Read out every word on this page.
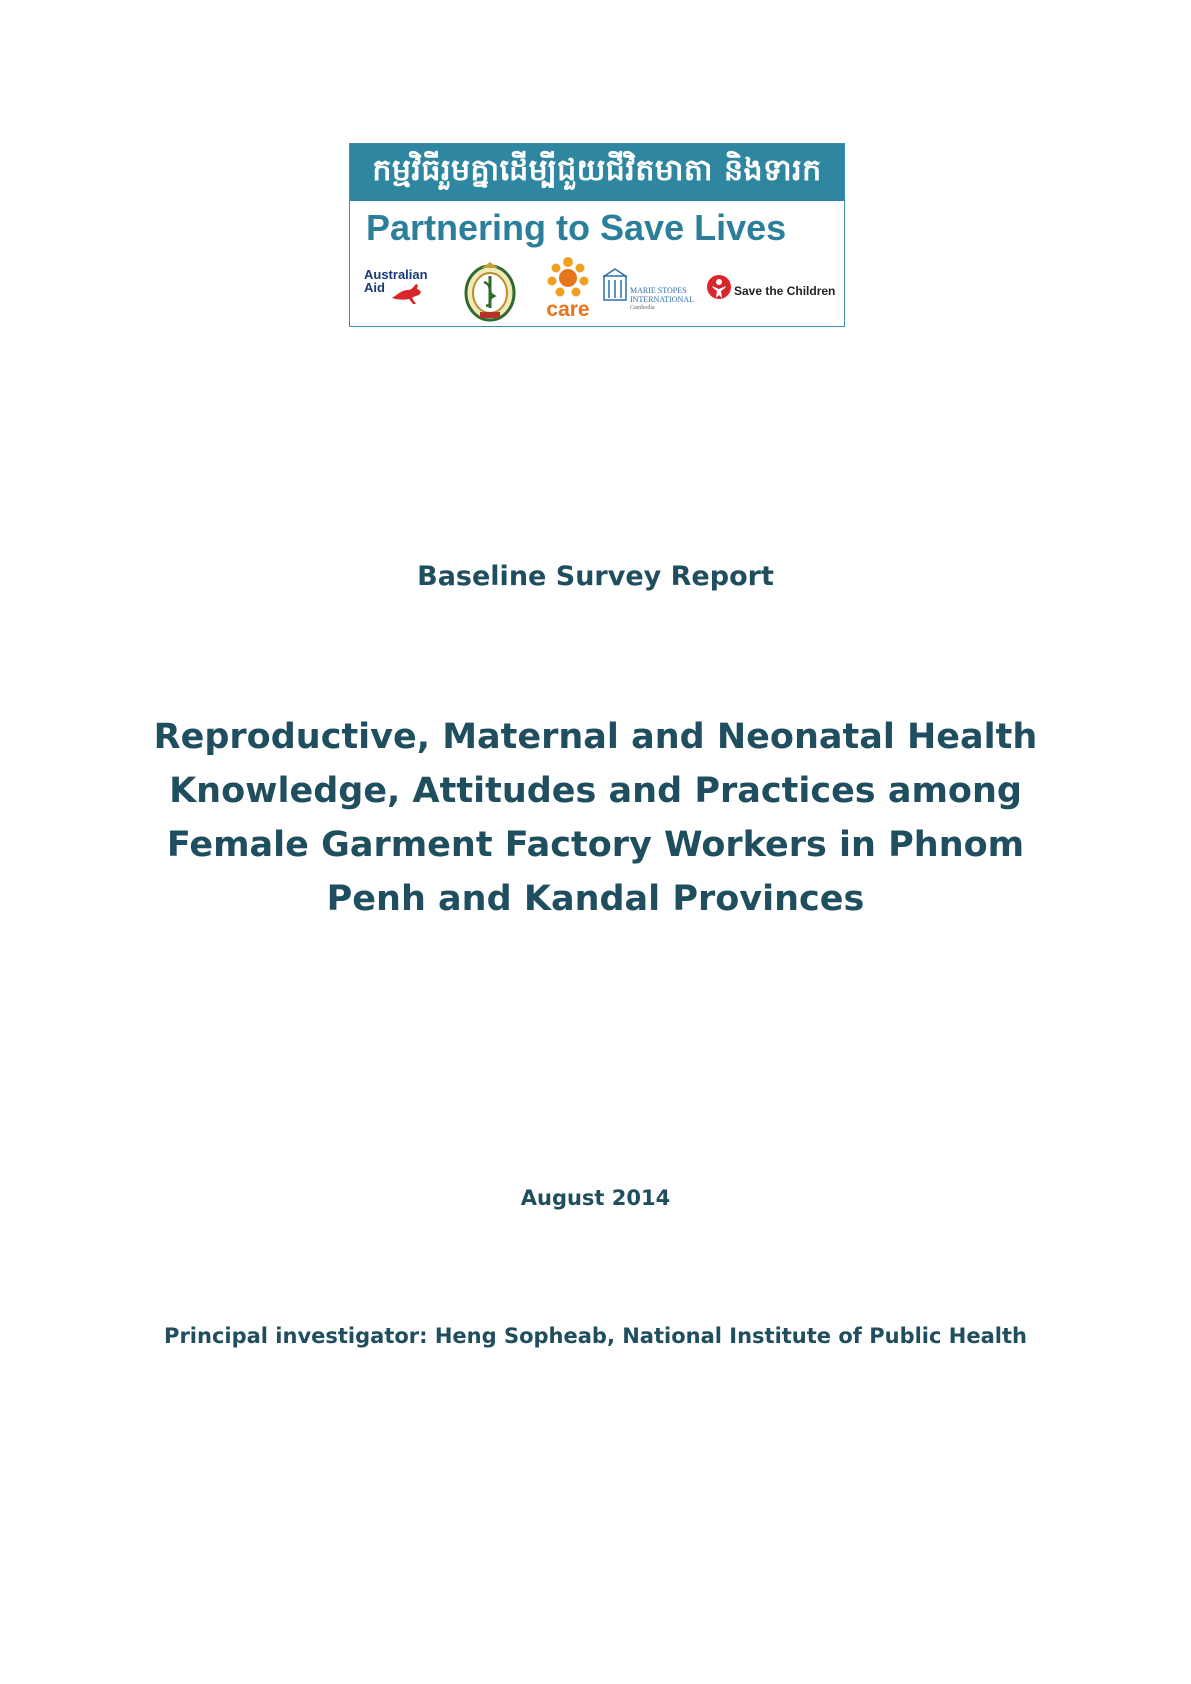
កម្មវិធីរួមគ្នាដើម្បីជួយជីវិតមាតា និងទារក
Partnering to Save Lives
Australian
Aid
care
MARIE STOPES
INTERNATIONAL
Cambodia
Save the Children
Baseline Survey Report
Reproductive, Maternal and Neonatal Health
Knowledge, Attitudes and Practices among
Female Garment Factory Workers in Phnom
Penh and Kandal Provinces
August 2014
Principal investigator: Heng Sopheab, National Institute of Public Health
